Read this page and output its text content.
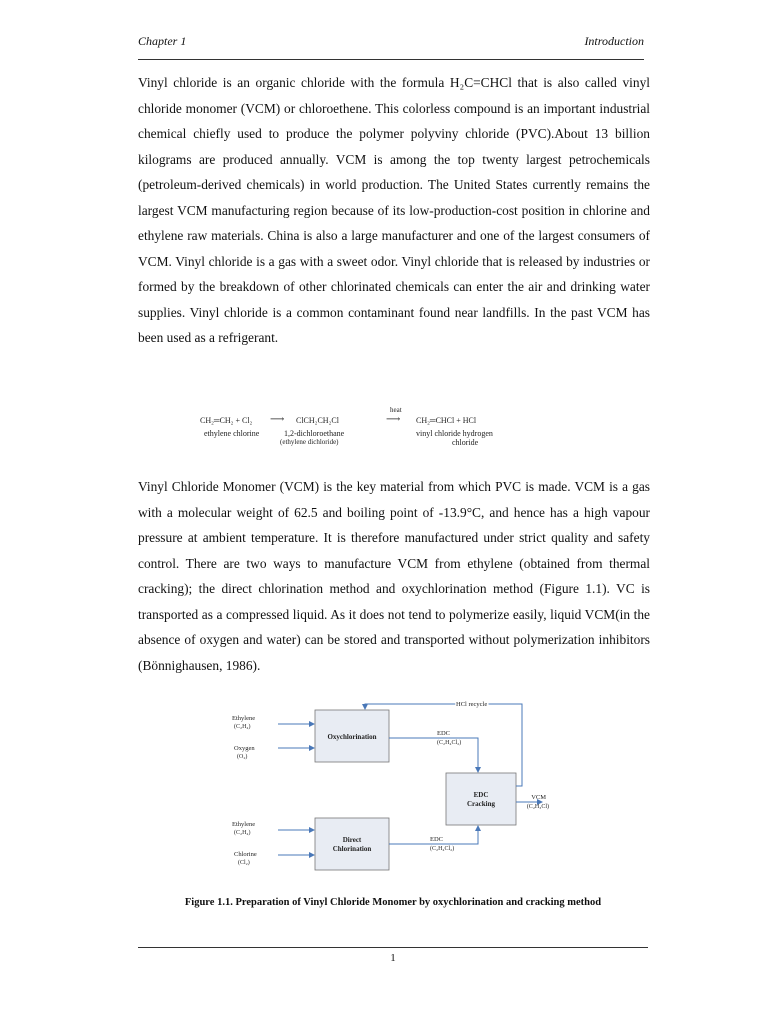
Chapter 1	Introduction

Vinyl chloride is an organic chloride with the formula H₂C=CHCl that is also called vinyl chloride monomer (VCM) or chloroethene. This colorless compound is an important industrial chemical chiefly used to produce the polymer polyviny chloride (PVC).About 13 billion kilograms are produced annually. VCM is among the top twenty largest petrochemicals (petroleum-derived chemicals) in world production. The United States currently remains the largest VCM manufacturing region because of its low-production-cost position in chlorine and ethylene raw materials. China is also a large manufacturer and one of the largest consumers of VCM. Vinyl chloride is a gas with a sweet odor. Vinyl chloride that is released by industries or formed by the breakdown of other chlorinated chemicals can enter the air and drinking water supplies. Vinyl chloride is a common contaminant found near landfills. In the past VCM has been used as a refrigerant.

CH₂═CH₂ + Cl₂ ⟶ ClCH₂CH₂Cl
heat
⟶ CH₂═CHCl + HCl
ethylene chlorine	1,2-dichloroethane
(ethylene dichloride)
vinyl chloride hydrogen
chloride

Vinyl Chloride Monomer (VCM) is the key material from which PVC is made. VCM is a gas with a molecular weight of 62.5 and boiling point of -13.9°C, and hence has a high vapour pressure at ambient temperature. It is therefore manufactured under strict quality and safety control. There are two ways to manufacture VCM from ethylene (obtained from thermal cracking); the direct chlorination method and oxychlorination method (Figure 1.1). VC is transported as a compressed liquid. As it does not tend to polymerize easily, liquid VCM(in the absence of oxygen and water) can be stored and transported without polymerization inhibitors (Bönnighausen, 1986).

Ethylene
(C₂H₄)
Oxygen
(O₂)
Ethylene
(C₂H₄)
Chlorine
(Cl₂)
Oxychlorination
EDC
Cracking
Direct
Chlorination
HCl recycle
EDC
(C₂H₄Cl₂)
EDC
(C₂H₄Cl₂)
VCM
(C₂H₃Cl)
Figure 1.1. Preparation of Vinyl Chloride Monomer by oxychlorination and cracking method
1
